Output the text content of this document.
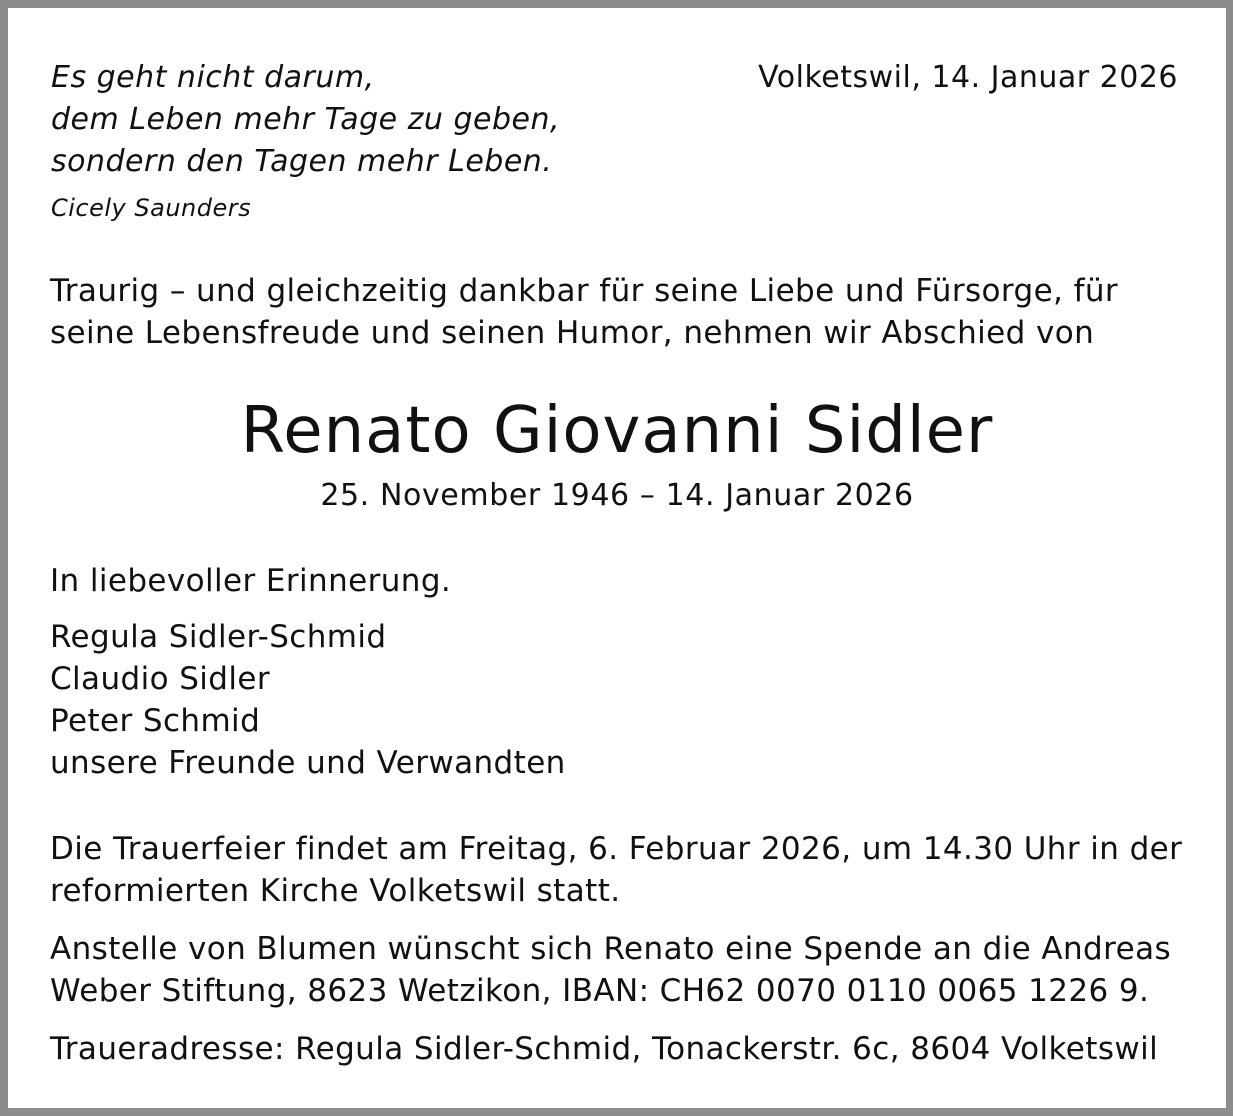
Es geht nicht darum,
dem Leben mehr Tage zu geben,
sondern den Tagen mehr Leben.
Cicely Saunders
Volketswil, 14. Januar 2026
Traurig – und gleichzeitig dankbar für seine Liebe und Fürsorge, für
seine Lebensfreude und seinen Humor, nehmen wir Abschied von
Renato Giovanni Sidler
25. November 1946 – 14. Januar 2026
In liebevoller Erinnerung.
Regula Sidler-Schmid
Claudio Sidler
Peter Schmid
unsere Freunde und Verwandten
Die Trauerfeier findet am Freitag, 6. Februar 2026, um 14.30 Uhr in der
reformierten Kirche Volketswil statt.
Anstelle von Blumen wünscht sich Renato eine Spende an die Andreas
Weber Stiftung, 8623 Wetzikon, IBAN: CH62 0070 0110 0065 1226 9.
Traueradresse: Regula Sidler-Schmid, Tonackerstr. 6c, 8604 Volketswil
